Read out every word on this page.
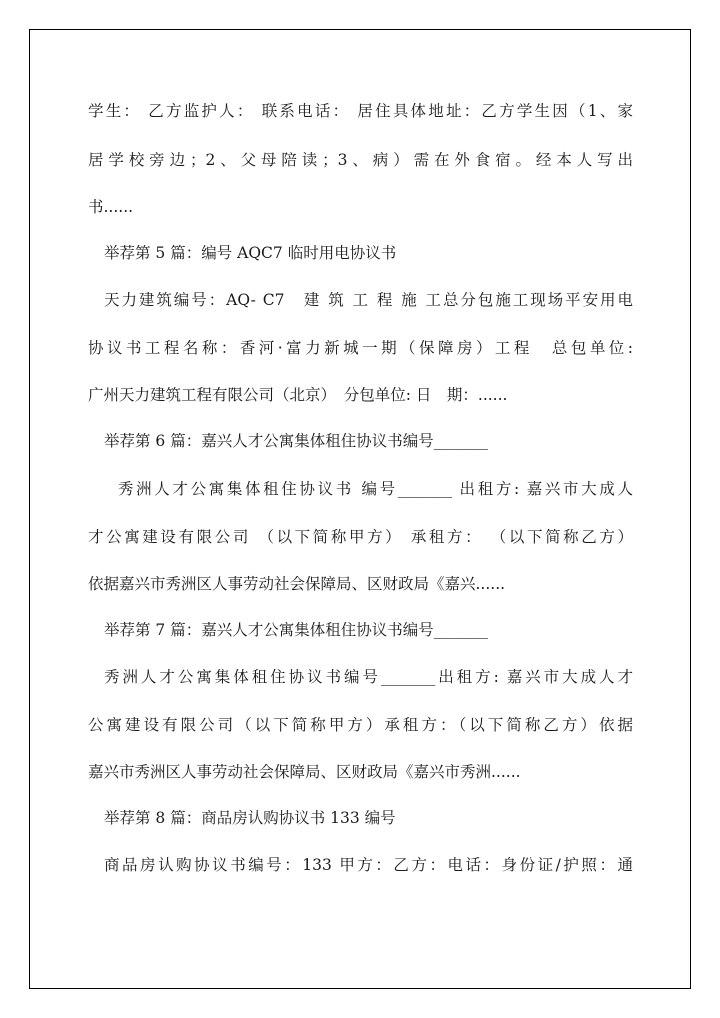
学生： 乙方监护人： 联系电话： 居住具体地址：乙方学生因（1、家
居学校旁边；2、父母陪读；3、病）需在外食宿。经本人写出
书......
举荐第 5 篇：编号 AQC7 临时用电协议书
天力建筑编号：AQ- C7　建 筑 工 程 施 工总分包施工现场平安用电
协议书工程名称：香河·富力新城一期（保障房）工程　总包单位:
广州天力建筑工程有限公司（北京）　分包单位: 日　期：......
举荐第 6 篇：嘉兴人才公寓集体租住协议书编号_______
秀洲人才公寓集体租住协议书 编号_______ 出租方: 嘉兴市大成人
才公寓建设有限公司 （以下简称甲方） 承租方： （以下简称乙方）
依据嘉兴市秀洲区人事劳动社会保障局、区财政局《嘉兴......
举荐第 7 篇：嘉兴人才公寓集体租住协议书编号_______
秀洲人才公寓集体租住协议书编号_______出租方: 嘉兴市大成人才
公寓建设有限公司（以下简称甲方）承租方：（以下简称乙方）依据
嘉兴市秀洲区人事劳动社会保障局、区财政局《嘉兴市秀洲......
举荐第 8 篇：商品房认购协议书 133 编号
商品房认购协议书编号：133 甲方：乙方：电话：身份证/护照：通
